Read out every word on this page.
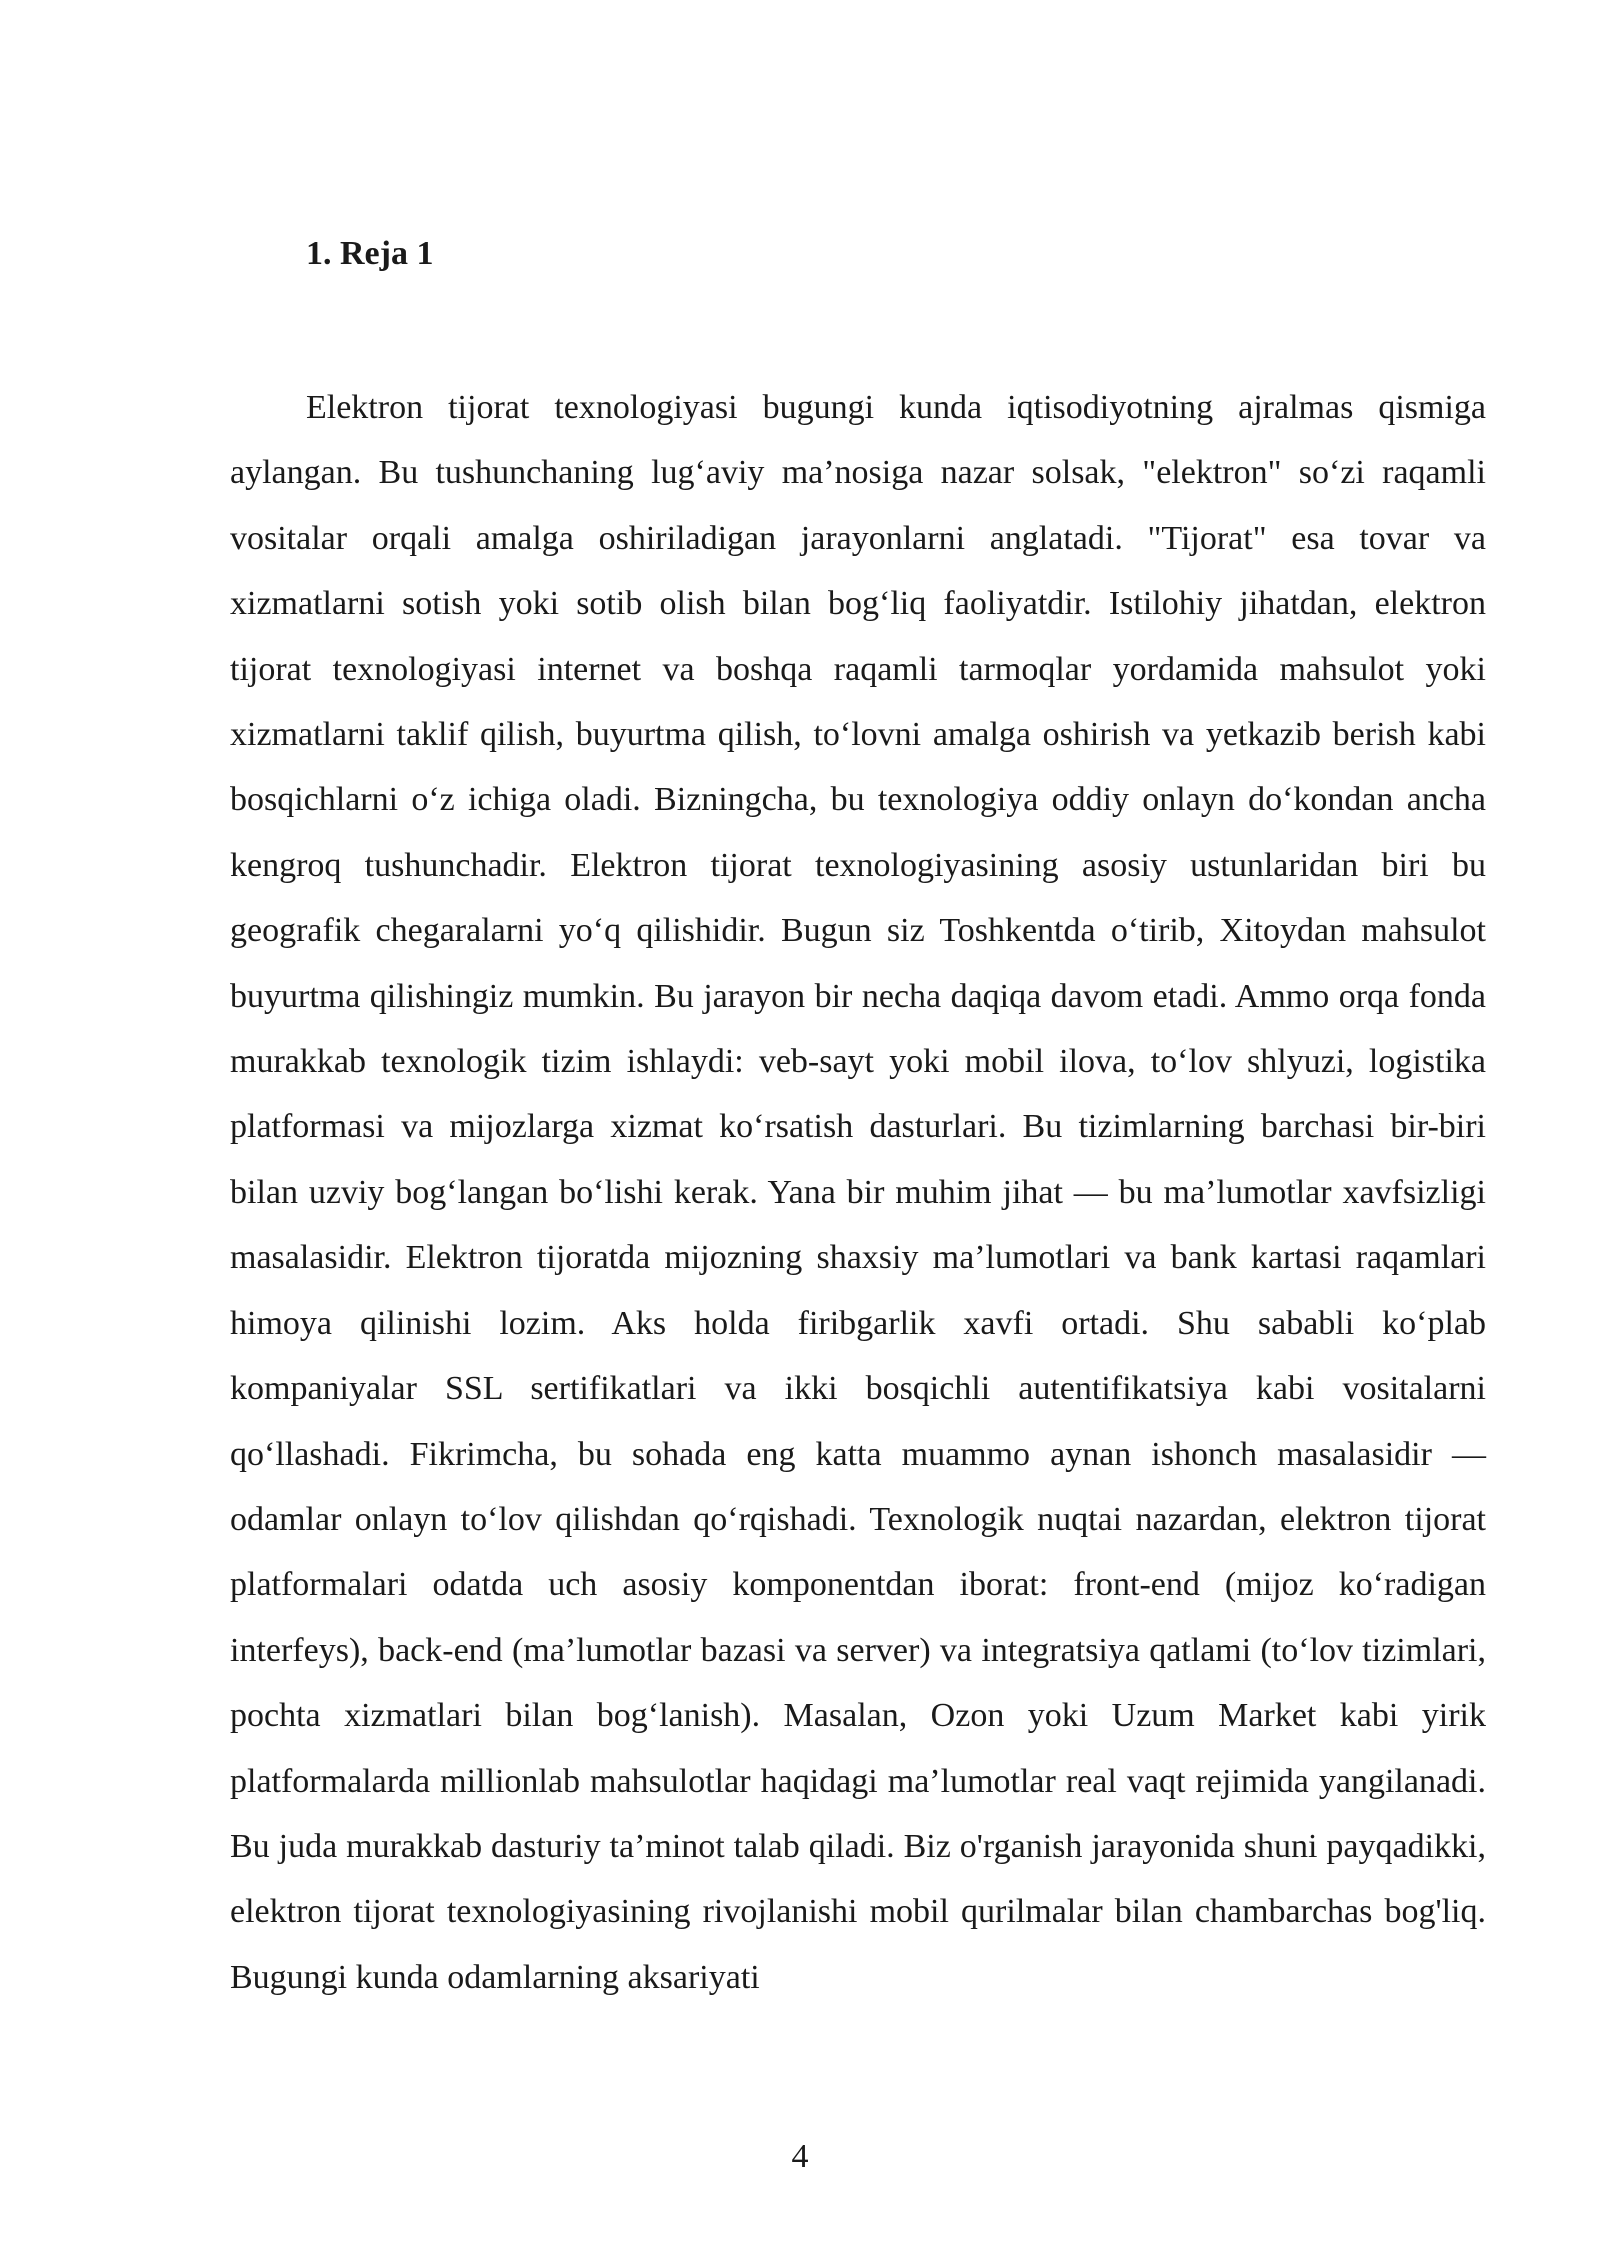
1. Reja 1

Elektron tijorat texnologiyasi bugungi kunda iqtisodiyotning ajralmas qismiga aylangan. Bu tushunchaning lug‘aviy ma’nosiga nazar solsak, "elektron" so‘zi raqamli vositalar orqali amalga oshiriladigan jarayonlarni anglatadi. "Tijorat" esa tovar va xizmatlarni sotish yoki sotib olish bilan bog‘liq faoliyatdir. Istilohiy jihatdan, elektron tijorat texnologiyasi internet va boshqa raqamli tarmoqlar yordamida mahsulot yoki xizmatlarni taklif qilish, buyurtma qilish, to‘lovni amalga oshirish va yetkazib berish kabi bosqichlarni o‘z ichiga oladi. Bizningcha, bu texnologiya oddiy onlayn do‘kondan ancha kengroq tushunchadir. Elektron tijorat texnologiyasining asosiy ustunlaridan biri bu geografik chegaralarni yo‘q qilishidir. Bugun siz Toshkentda o‘tirib, Xitoydan mahsulot buyurtma qilishingiz mumkin. Bu jarayon bir necha daqiqa davom etadi. Ammo orqa fonda murakkab texnologik tizim ishlaydi: veb-sayt yoki mobil ilova, to‘lov shlyuzi, logistika platformasi va mijozlarga xizmat ko‘rsatish dasturlari. Bu tizimlarning barchasi bir-biri bilan uzviy bog‘langan bo‘lishi kerak. Yana bir muhim jihat — bu ma’lumotlar xavfsizligi masalasidir. Elektron tijoratda mijozning shaxsiy ma’lumotlari va bank kartasi raqamlari himoya qilinishi lozim. Aks holda firibgarlik xavfi ortadi. Shu sababli ko‘plab kompaniyalar SSL sertifikatlari va ikki bosqichli autentifikatsiya kabi vositalarni qo‘llashadi. Fikrimcha, bu sohada eng katta muammo aynan ishonch masalasidir — odamlar onlayn to‘lov qilishdan qo‘rqishadi. Texnologik nuqtai nazardan, elektron tijorat platformalari odatda uch asosiy komponentdan iborat: front-end (mijoz ko‘radigan interfeys), back-end (ma’lumotlar bazasi va server) va integratsiya qatlami (to‘lov tizimlari, pochta xizmatlari bilan bog‘lanish). Masalan, Ozon yoki Uzum Market kabi yirik platformalarda millionlab mahsulotlar haqidagi ma’lumotlar real vaqt rejimida yangilanadi. Bu juda murakkab dasturiy ta’minot talab qiladi. Biz o'rganish jarayonida shuni payqadikki, elektron tijorat texnologiyasining rivojlanishi mobil qurilmalar bilan chambarchas bog'liq. Bugungi kunda odamlarning aksariyati

4
